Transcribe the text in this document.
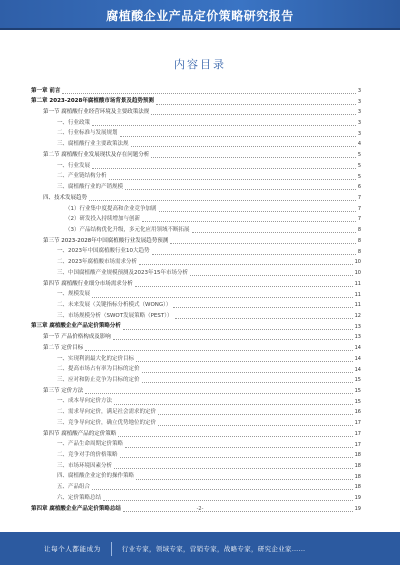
腐植酸企业产品定价策略研究报告
内容目录
第一章 前言	3
第二章 2023-2028年腐植酸市场背景及趋势预测	3
第一节 腐植酸行业经营环境及主要政策法规	3
一、行业政策	3
二、行业标准与发展规划	3
三、腐植酸行业主要政策法规	4
第二节 腐植酸行业发展现状及存在问题分析	5
一、行业发展	5
二、产业链结构分析	5
三、腐植酸行业的产销规模	6
四、技术发展趋势	7
（1）行业集中度提高和企业竞争加剧	7
（2）研发投入持续增加与创新	7
（3）产品结构优化升级，多元化应用领域不断拓展	8
第三节 2023-2028年中国腐植酸行业发展趋势预测	8
一、2023年中国腐植酸行业10大趋势	8
二、2023年腐植酸市场需求分析	10
三、中国腐植酸产业规模预测及2023年15年市场分析	10
第四节 腐植酸行业细分市场需求分析	11
一、规模发展	11
二、未来发展（关键指标分析模式（WONG））	11
三、市场规模分析（SWOT发展策略（PEST））	12
第三章 腐植酸企业产品定价策略分析	13
第一节 产品价格构成及影响	13
第二节 定价目标	14
一、实现利润最大化的定价目标	14
二、提高市场占有率为目标的定价	14
三、应对和防止竞争为目标的定价	15
第三节 定价方法	15
一、成本导向定价方法	15
二、需求导向定价，满足社会需求的定价	16
三、竞争导向定价，确立优势地位的定价	17
第四节 腐植酸产品的定价策略	17
一、产品生命周期定价策略	17
二、竞争对手的价格策略	18
三、市场环境因素分析	18
四、腐植酸企业定价的操作策略	18
五、产品组合	18
六、定价策略总结	19
第四章 腐植酸企业产品定价策略总结	19
-2-
让每个人都能成为	行业专家，领域专家，营销专家，战略专家，研究企业家……
